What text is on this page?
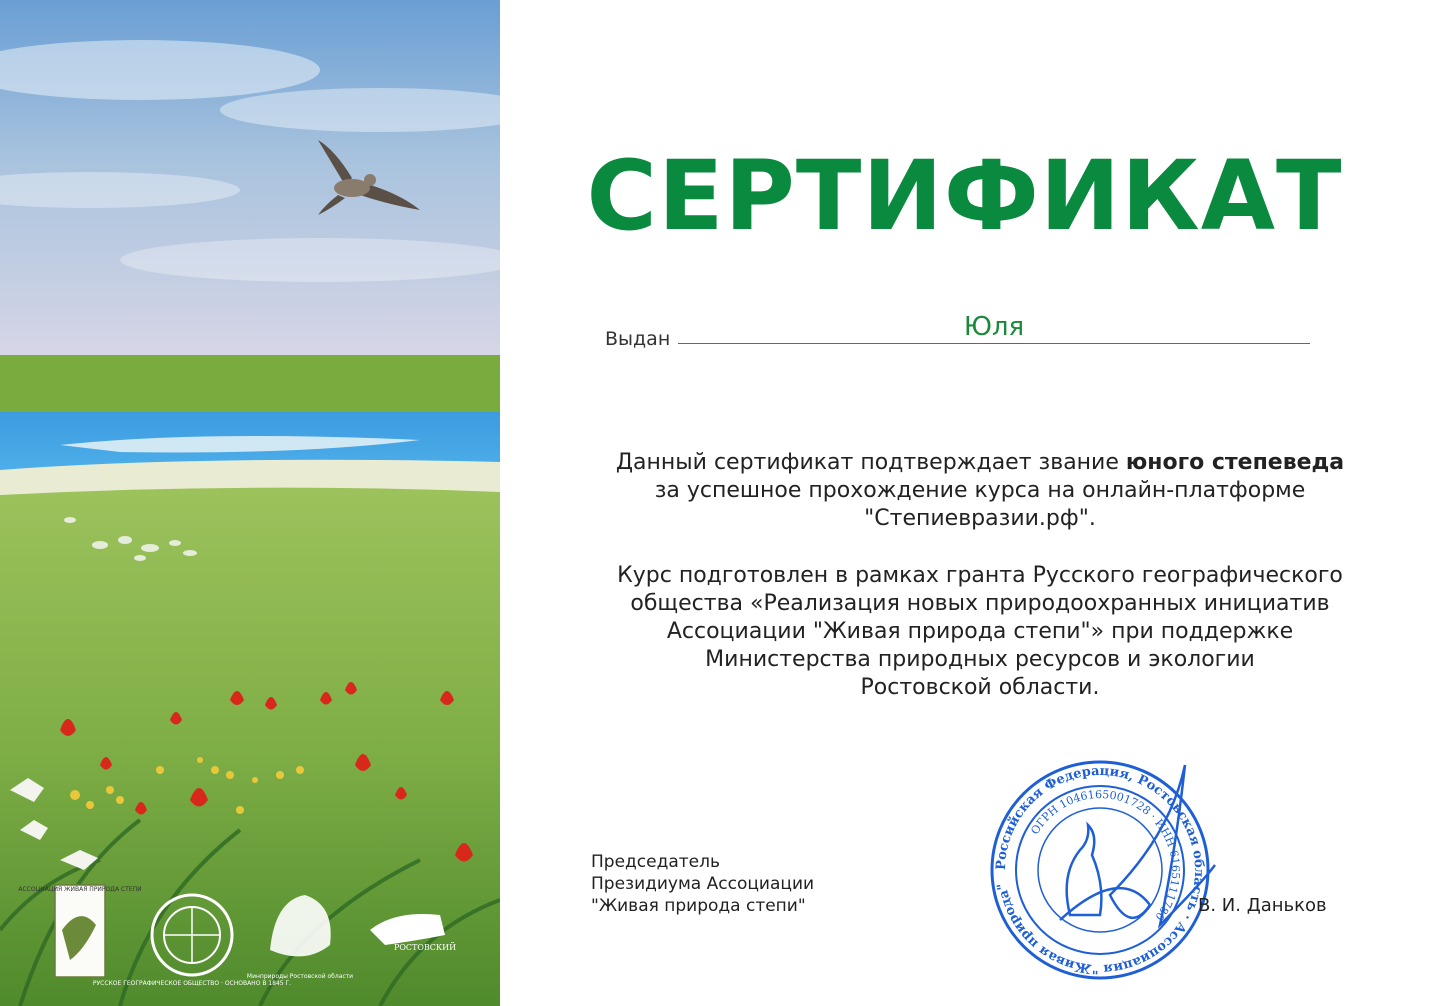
АССОЦИАЦИЯ ЖИВАЯ ПРИРОДА СТЕПИ
РУССКОЕ ГЕОГРАФИЧЕСКОЕ ОБЩЕСТВО · ОСНОВАНО В 1845 Г.
Минприроды Ростовской области
РОСТОВСКИЙ
СЕРТИФИКАТ
Выдан	Юля
Данный сертификат подтверждает звание юного степеведа
за успешное прохождение курса на онлайн-платформе
"Степиевразии.рф".
Курс подготовлен в рамках гранта Русского географического
общества «Реализация новых природоохранных инициатив
Ассоциации "Живая природа степи"» при поддержке
Министерства природных ресурсов и экологии
Ростовской области.
Председатель
Президиума Ассоциации
"Живая природа степи"
Российская Федерация, Ростовская область · Ассоциация "Живая природа"
ОГРН 1046165001728 · ИНН 6165111780
В. И. Даньков
